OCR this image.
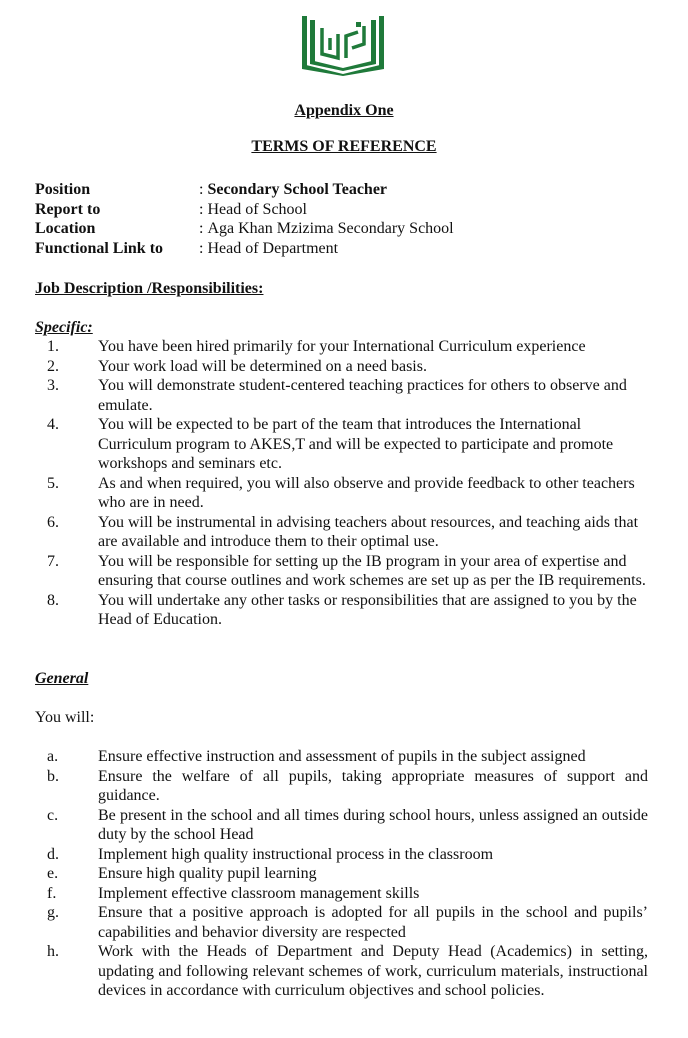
Appendix One
TERMS OF REFERENCE
Position	: Secondary School Teacher
Report to	: Head of School
Location	: Aga Khan Mzizima Secondary School
Functional Link to	: Head of Department
Job Description /Responsibilities:
Specific:
1.	You have been hired primarily for your International Curriculum experience
2.	Your work load will be determined on a need basis.
3.	You will demonstrate student-centered teaching practices for others to observe and emulate.
4.	You will be expected to be part of the team that introduces the International Curriculum program to AKES,T and will be expected to participate and promote workshops and seminars etc.
5.	As and when required, you will also observe and provide feedback to other teachers who are in need.
6.	You will be instrumental in advising teachers about resources, and teaching aids that are available and introduce them to their optimal use.
7.	You will be responsible for setting up the IB program in your area of expertise and ensuring that course outlines and work schemes are set up as per the IB requirements.
8.	You will undertake any other tasks or responsibilities that are assigned to you by the Head of Education.
General
You will:
a.	Ensure effective instruction and assessment of pupils in the subject assigned
b.	Ensure the welfare of all pupils, taking appropriate measures of support and guidance.
c.	Be present in the school and all times during school hours, unless assigned an outside duty by the school Head
d.	Implement high quality instructional process in the classroom
e.	Ensure high quality pupil learning
f.	Implement effective classroom management skills
g.	Ensure that a positive approach is adopted for all pupils in the school and pupils’ capabilities and behavior diversity are respected
h.	Work with the Heads of Department and Deputy Head (Academics) in setting, updating and following relevant schemes of work, curriculum materials, instructional devices in accordance with curriculum objectives and school policies.
